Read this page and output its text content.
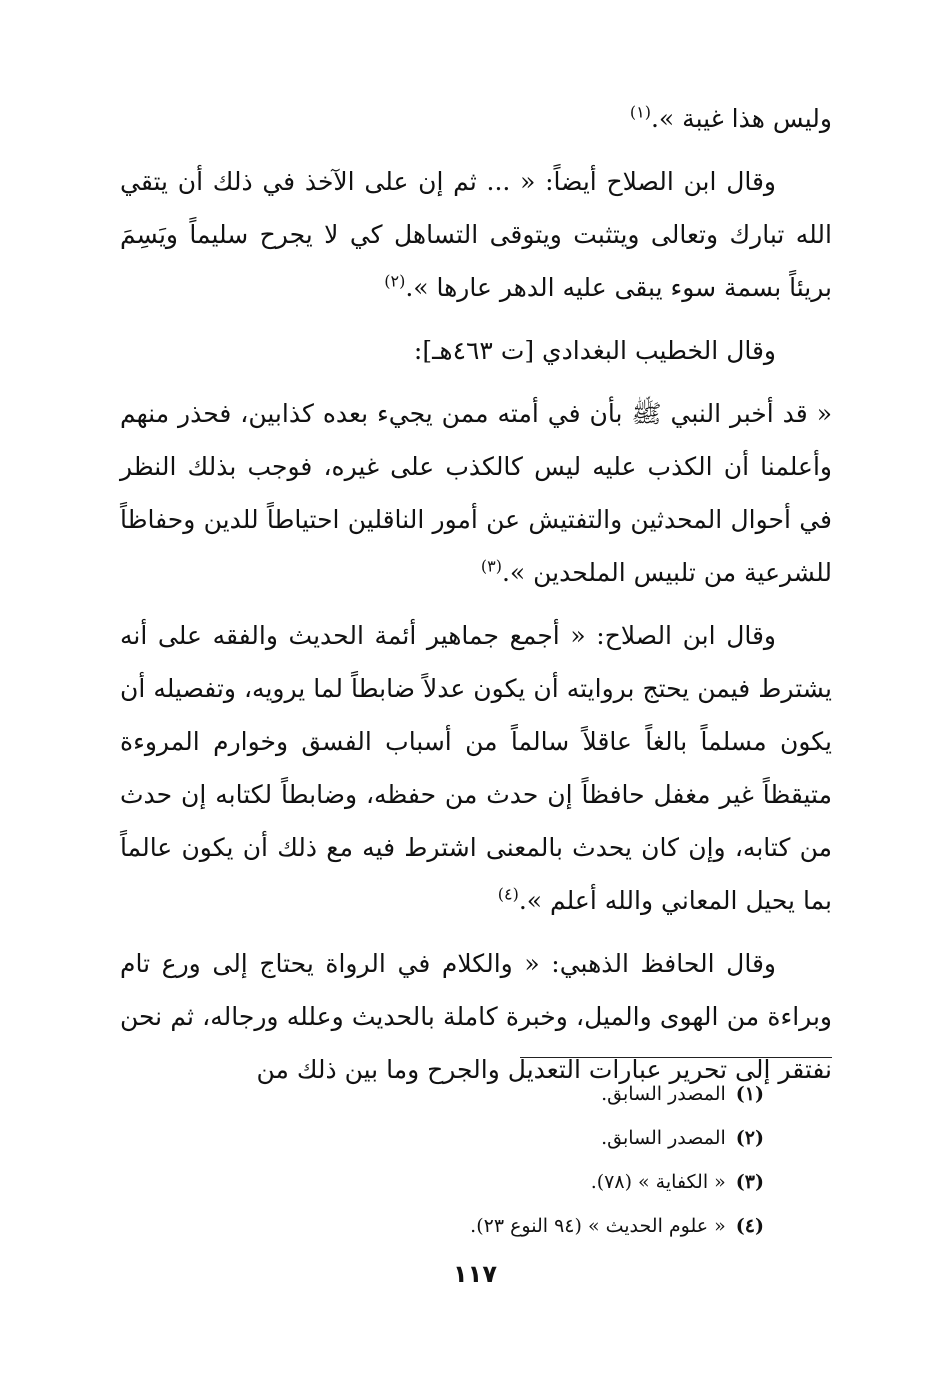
وليس هذا غيبة ».$^{(١)}$

وقال ابن الصلاح أيضاً: « ... ثم إن على الآخذ في ذلك أن يتقي الله تبارك وتعالى ويتثبت ويتوقى التساهل كي لا يجرح سليماً ويَسِمَ بريئاً بسمة سوء يبقى عليه الدهر عارها ».$^{(٢)}$

وقال الخطيب البغدادي [ت ٤٦٣هـ]:

« قد أخبر النبي ﷺ بأن في أمته ممن يجيء بعده كذابين، فحذر منهم وأعلمنا أن الكذب عليه ليس كالكذب على غيره، فوجب بذلك النظر في أحوال المحدثين والتفتيش عن أمور الناقلين احتياطاً للدين وحفاظاً للشرعية من تلبيس الملحدين ».$^{(٣)}$

وقال ابن الصلاح: « أجمع جماهير أئمة الحديث والفقه على أنه يشترط فيمن يحتج بروايته أن يكون عدلاً ضابطاً لما يرويه، وتفصيله أن يكون مسلماً بالغاً عاقلاً سالماً من أسباب الفسق وخوارم المروءة متيقظاً غير مغفل حافظاً إن حدث من حفظه، وضابطاً لكتابه إن حدث من كتابه، وإن كان يحدث بالمعنى اشترط فيه مع ذلك أن يكون عالماً بما يحيل المعاني والله أعلم ».$^{(٤)}$

وقال الحافظ الذهبي: « والكلام في الرواة يحتاج إلى ورع تام وبراءة من الهوى والميل، وخبرة كاملة بالحديث وعلله ورجاله، ثم نحن نفتقر إلى تحرير عبارات التعديل والجرح وما بين ذلك من

(١)المصدر السابق.
(٢)المصدر السابق.
(٣)« الكفاية » (٧٨).
(٤)« علوم الحديث » (٩٤ النوع ٢٣).
١١٧
